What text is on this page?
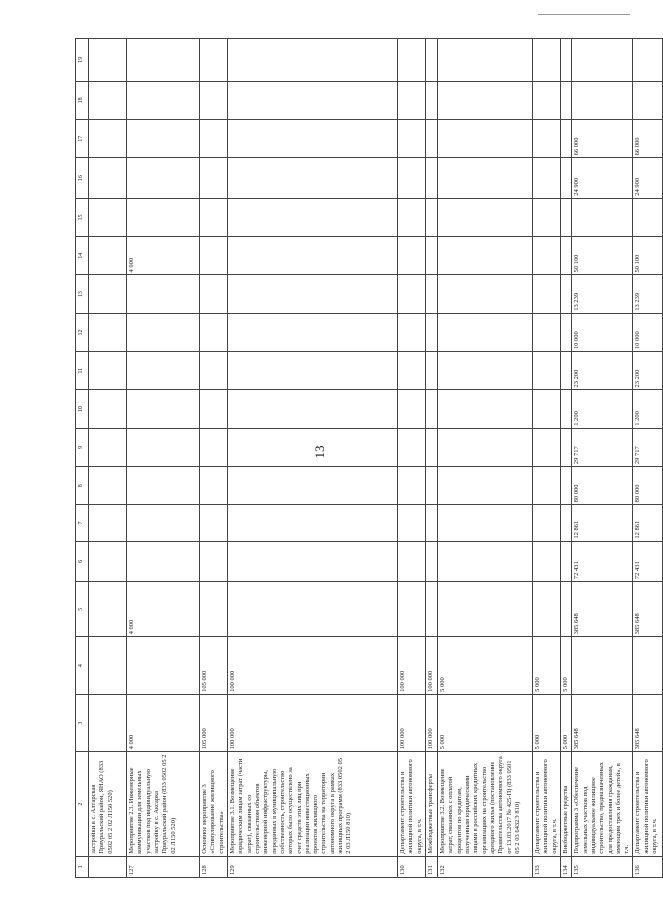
13
1	2	3	4	5	6	7	8	9	10	11	12	13	14	15	16	17	18	19
	застройки в с. Алтарская Приуральский район, ЯНАО (833 0502 05 2 02 Л150 520)																	
127	Мероприятие 2.3. Инженерные коммуникации для земельных участков под индивидуальную застройку в с. Аксарка Приуральский район (833 0502 05 2 02 Л150 520)	4 000		4 000									4 000					
128	Основное мероприятие 3 «Стимулирование жилищного строительства»	105 000	105 000															
129	Мероприятие 3.1. Возмещение юридическим лицам затрат (части затрат), связанных со строительством объектов инженерной инфраструктуры, переданных в муниципальную собственность, строительство которых было осуществлено за счет средств этих лиц при реализации инвестиционных проектов жилищного строительства на территории автономного округа в рамках жилищных программ (833 0502 05 2 03 Л150 810)	100 000	100 000															
130	Департамент строительства и жилищной политики автономного округа, в т.ч.	100 000	100 000															
131	Межбюджетные трансферты	100 000	100 000															
132	Мероприятие 3.2. Возмещение затрат, связанных с оплатой процентов по кредитам, полученным юридическими лицами в российских кредитных организациях на строительство арендного жилья (постановление Правительства автономного округа от 13.03.2017 № 425-П) (833 0501 05 2 03 6432Э 810)	5 000	5 000															
133	Департамент строительства и жилищной политики автономного округа, в т.ч.	5 000	5 000															
134	Внебюджетные средства	5 000	5 000															
135	Подпрограмма 3 «Обеспечение земельных участков под индивидуальное жилищное строительство, предназначенных для предоставления гражданам, имеющим трех и более детей», в т.ч.	385 648		385 648	72 431	12 861	80 000	29 717	1 200	23 200	10 000	13 239	50 100		24 900	66 000		
136	Департамент строительства и жилищной политики автономного округа, в т.ч.	385 648		385 648	72 431	12 861	80 000	29 717	1 200	23 200	10 000	13 239	50 100		24 900	66 000		
